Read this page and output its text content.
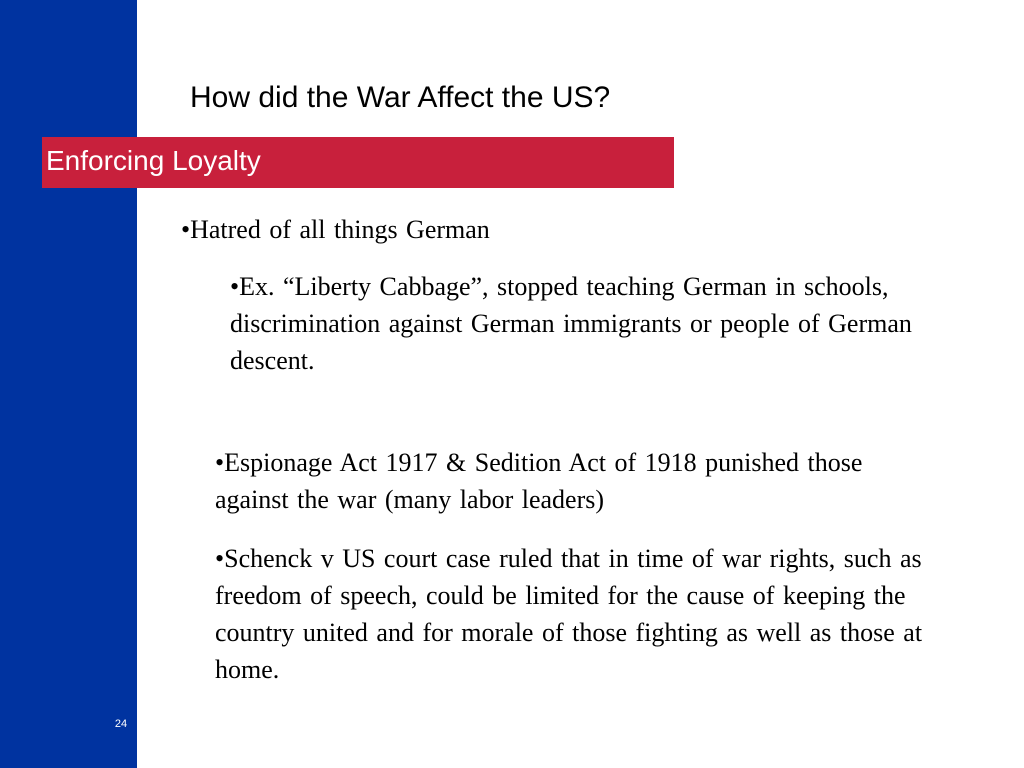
How did the War Affect the US?
Enforcing Loyalty

•Hatred of all things German

•Ex. “Liberty Cabbage”, stopped teaching German in schools, discrimination against German immigrants or people of German descent.

•Espionage Act 1917 & Sedition Act of 1918 punished those against the war (many labor leaders)

•Schenck v US court case ruled that in time of war rights, such as freedom of speech, could be limited for the cause of keeping the country united and for morale of those fighting as well as those at home.

24
